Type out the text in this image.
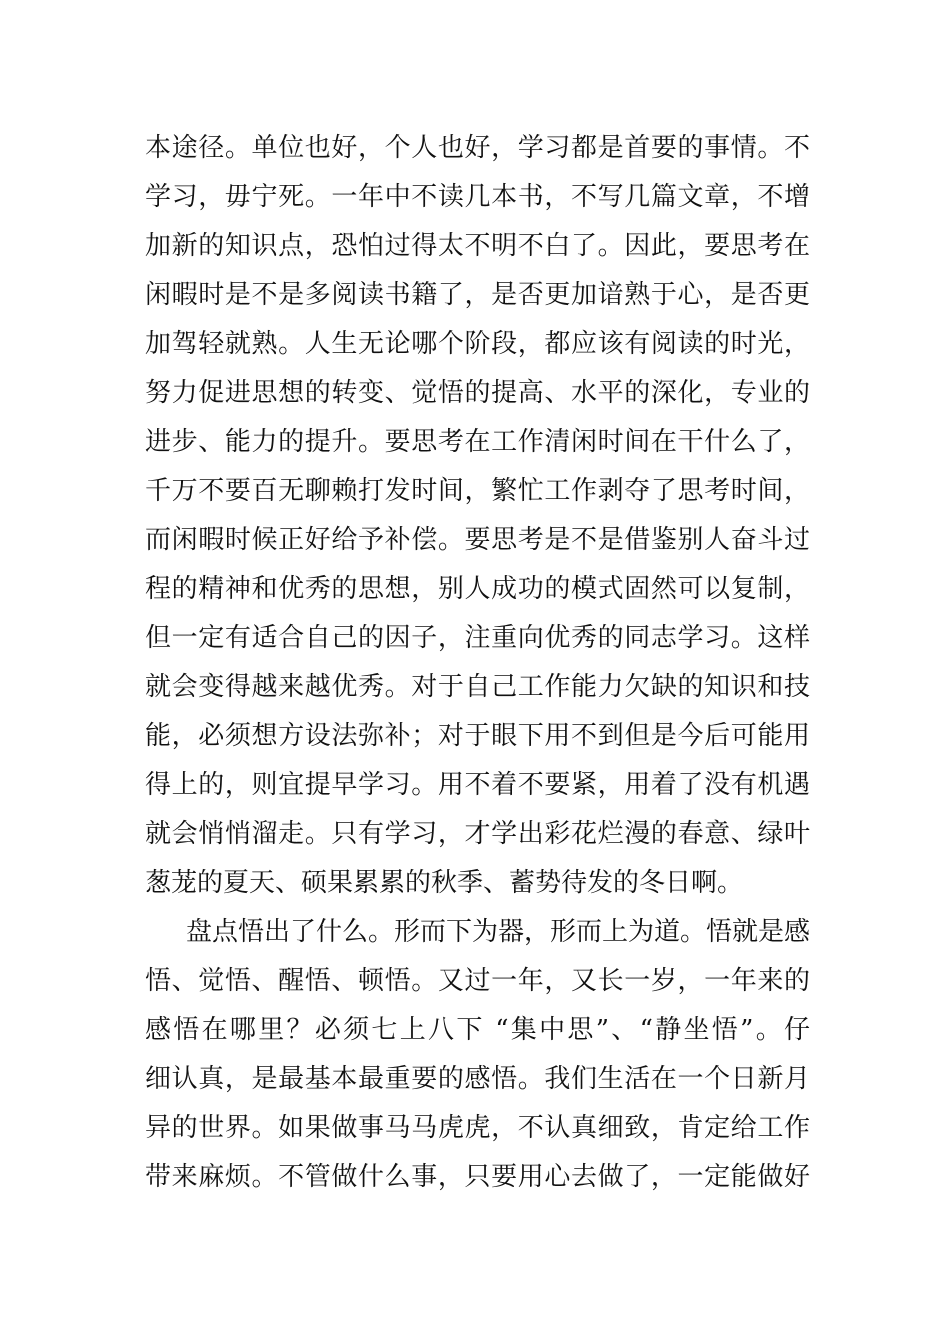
本途径。单位也好，个人也好，学习都是首要的事情。不
学习，毋宁死。一年中不读几本书，不写几篇文章，不增
加新的知识点，恐怕过得太不明不白了。因此，要思考在
闲暇时是不是多阅读书籍了，是否更加谙熟于心，是否更
加驾轻就熟。人生无论哪个阶段，都应该有阅读的时光，
努力促进思想的转变、觉悟的提高、水平的深化，专业的
进步、能力的提升。要思考在工作清闲时间在干什么了，
千万不要百无聊赖打发时间，繁忙工作剥夺了思考时间，
而闲暇时候正好给予补偿。要思考是不是借鉴别人奋斗过
程的精神和优秀的思想，别人成功的模式固然可以复制，
但一定有适合自己的因子，注重向优秀的同志学习。这样
就会变得越来越优秀。对于自己工作能力欠缺的知识和技
能，必须想方设法弥补；对于眼下用不到但是今后可能用
得上的，则宜提早学习。用不着不要紧，用着了没有机遇
就会悄悄溜走。只有学习，才学出彩花烂漫的春意、绿叶
葱茏的夏天、硕果累累的秋季、蓄势待发的冬日啊。
盘点悟出了什么。形而下为器，形而上为道。悟就是感
悟、觉悟、醒悟、顿悟。又过一年，又长一岁，一年来的
感悟在哪里？必须七上八下 “集中思”、“静坐悟”。仔
细认真，是最基本最重要的感悟。我们生活在一个日新月
异的世界。如果做事马马虎虎，不认真细致，肯定给工作
带来麻烦。不管做什么事，只要用心去做了，一定能做好
